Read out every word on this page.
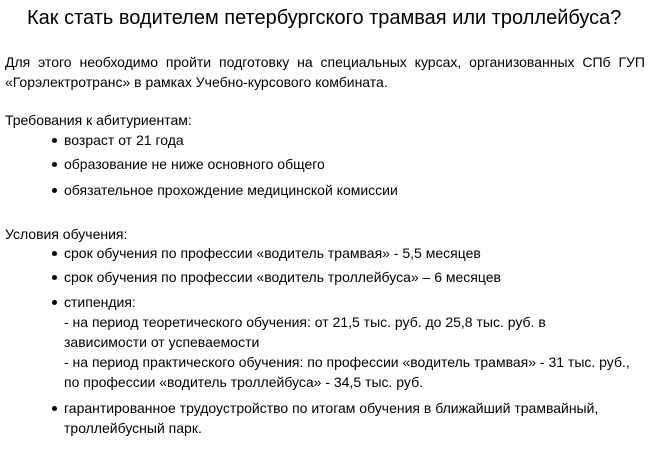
Как стать водителем петербургского трамвая или троллейбуса?
Для этого необходимо пройти подготовку на специальных курсах, организованных СПб ГУП «Горэлектротранс» в рамках Учебно-курсового комбината.
Требования к абитуриентам:
возраст от 21 года
образование не ниже основного общего
обязательное прохождение медицинской комиссии
Условия обучения:
срок обучения по профессии «водитель трамвая» - 5,5 месяцев
срок обучения по профессии «водитель троллейбуса» – 6 месяцев
стипендия:
- на период теоретического обучения: от 21,5 тыс. руб. до 25,8 тыс. руб. в
зависимости от успеваемости
- на период практического обучения: по профессии «водитель трамвая» - 31 тыс. руб.,
по профессии «водитель троллейбуса» - 34,5 тыс. руб.
гарантированное трудоустройство по итогам обучения в ближайший трамвайный,
троллейбусный парк.
